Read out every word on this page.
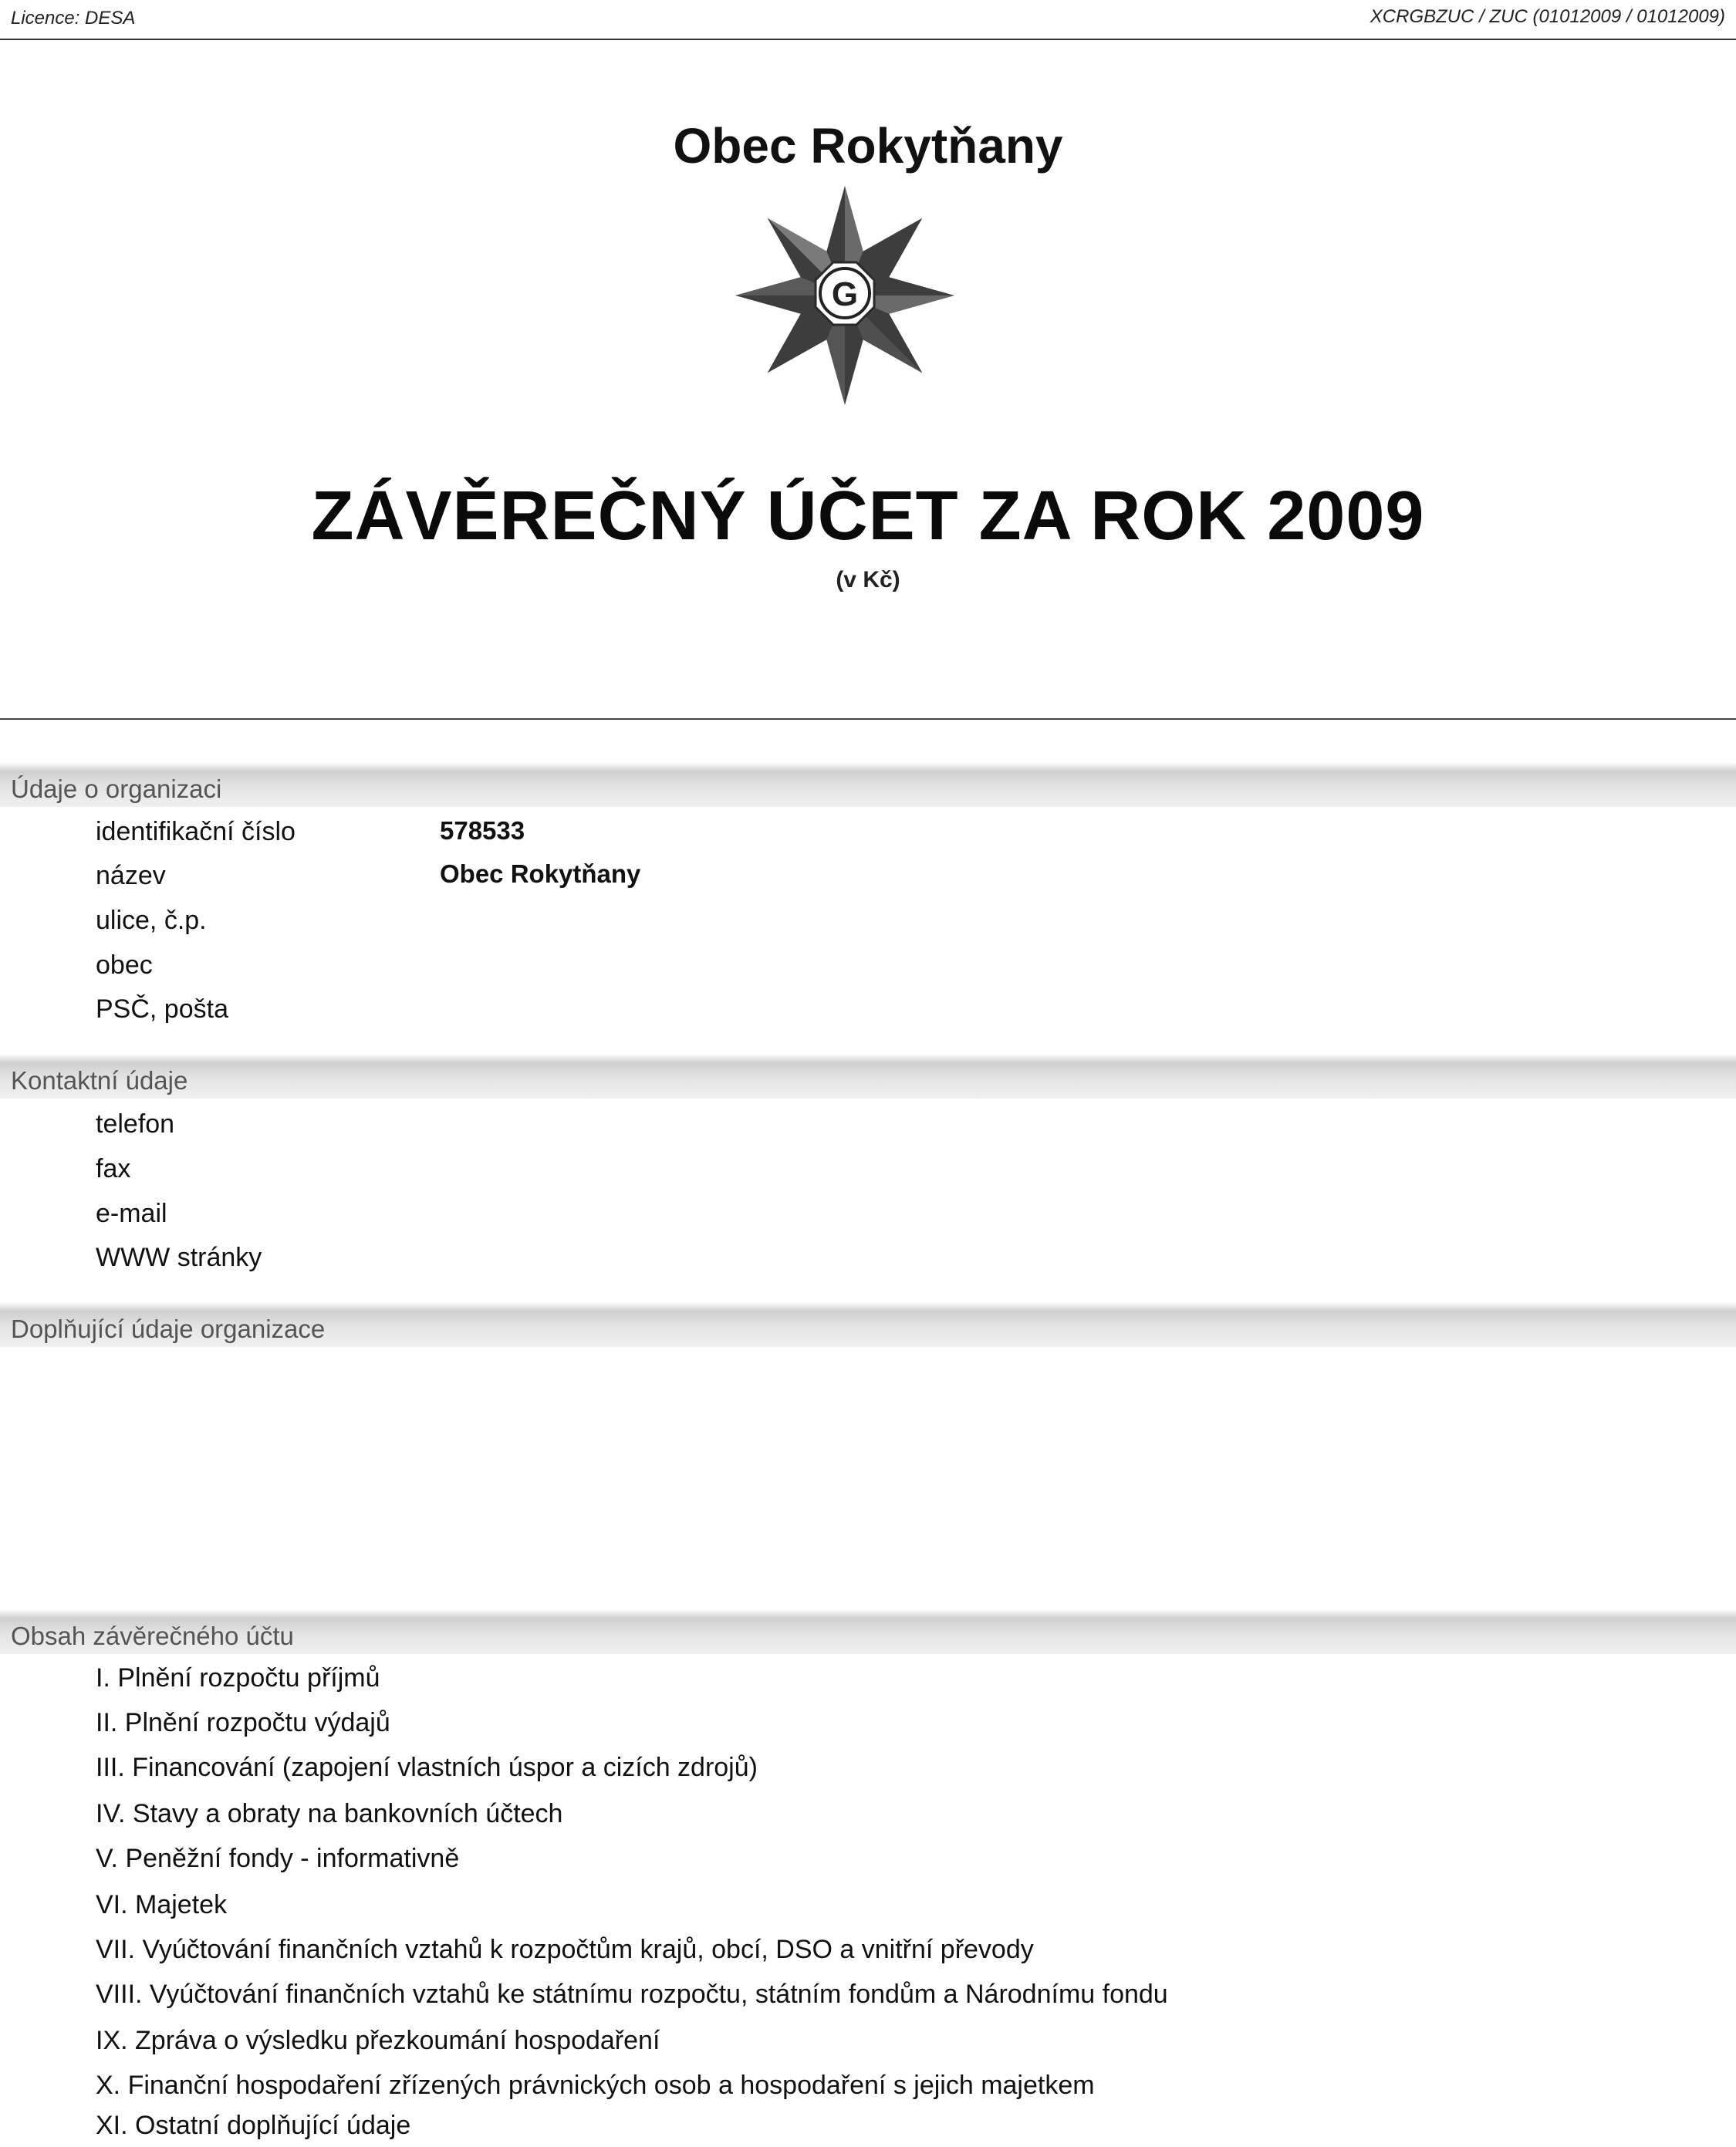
Licence: DESA	XCRGBZUC / ZUC (01012009 / 01012009)
Obec Rokytňany
G
ZÁVĚREČNÝ ÚČET ZA ROK 2009
(v Kč)
Údaje o organizaci
identifikační číslo	578533
název	Obec Rokytňany
ulice, č.p.
obec
PSČ, pošta
Kontaktní údaje
telefon
fax
e-mail
WWW stránky
Doplňující údaje organizace
Obsah závěrečného účtu
I. Plnění rozpočtu příjmů
II. Plnění rozpočtu výdajů
III. Financování (zapojení vlastních úspor a cizích zdrojů)
IV. Stavy a obraty na bankovních účtech
V. Peněžní fondy - informativně
VI. Majetek
VII. Vyúčtování finančních vztahů k rozpočtům krajů, obcí, DSO a vnitřní převody
VIII. Vyúčtování finančních vztahů ke státnímu rozpočtu, státním fondům a Národnímu fondu
IX. Zpráva o výsledku přezkoumání hospodaření
X. Finanční hospodaření zřízených právnických osob a hospodaření s jejich majetkem
XI. Ostatní doplňující údaje
